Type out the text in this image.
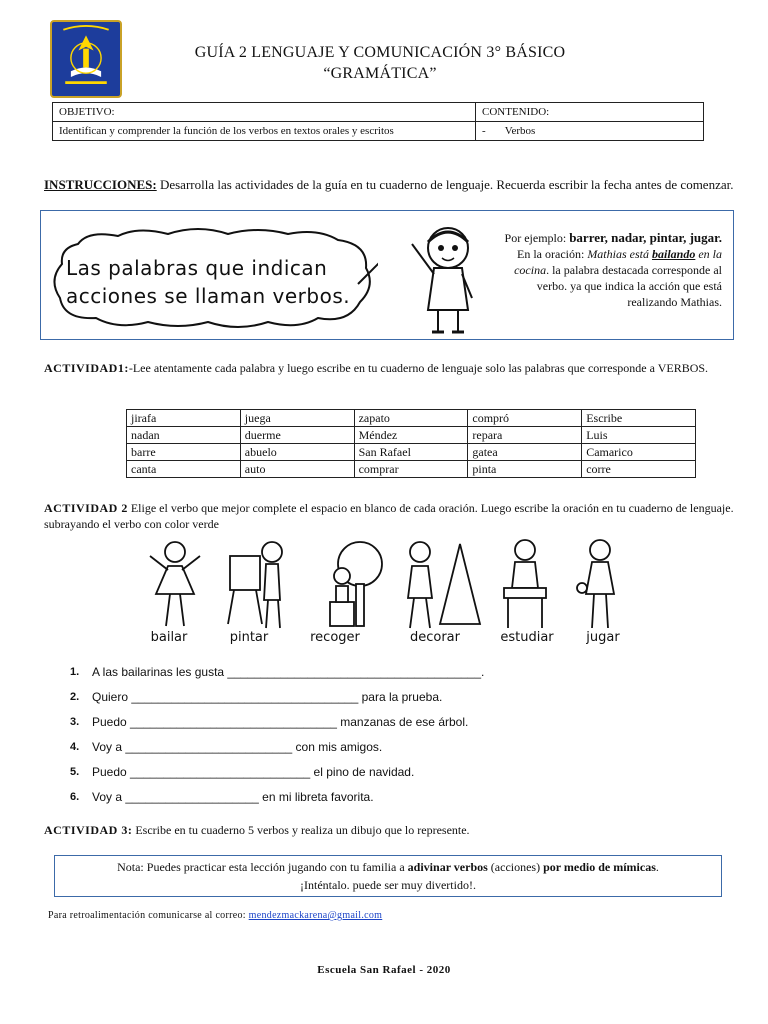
GUÍA 2 LENGUAJE Y COMUNICACIÓN 3° BÁSICO
“GRAMÁTICA”
OBJETIVO:	CONTENIDO:
Identifican y comprender la función de los verbos en textos orales y escritos	-       Verbos
INSTRUCCIONES: Desarrolla las actividades de la guía en tu cuaderno de lenguaje. Recuerda escribir la fecha antes de comenzar.
Las palabras que indican
acciones se llaman verbos.
Por ejemplo: barrer, nadar, pintar, jugar.
En la oración: Mathias está bailando en la cocina. la palabra destacada corresponde al verbo. ya que indica la acción que está realizando Mathias.
ACTIVIDAD1:-Lee atentamente cada palabra y luego escribe en tu cuaderno de lenguaje solo las palabras que corresponde a VERBOS.
jirafa	juega	zapato	compró	Escribe
nadan	duerme	Méndez	repara	Luis
barre	abuelo	San Rafael	gatea	Camarico
canta	auto	comprar	pinta	corre
ACTIVIDAD 2 Elige el verbo que mejor complete el espacio en blanco de cada oración. Luego escribe la oración en tu cuaderno de lenguaje. subrayando el verbo con color verde
bailar	pintar	recoger	decorar	estudiar	jugar
1. A las bailarinas les gusta ______________________________________.
2. Quiero __________________________________ para la prueba.
3. Puedo _______________________________ manzanas de ese árbol.
4. Voy a _________________________ con mis amigos.
5. Puedo ___________________________ el pino de navidad.
6. Voy a ____________________ en mi libreta favorita.
ACTIVIDAD 3: Escribe en tu cuaderno 5 verbos y realiza un dibujo que lo represente.
Nota: Puedes practicar esta lección jugando con tu familia a adivinar verbos (acciones) por medio de mímicas.
¡Inténtalo. puede ser muy divertido!.
Para retroalimentación comunicarse al correo: mendezmackarena@gmail.com
Escuela San Rafael - 2020
